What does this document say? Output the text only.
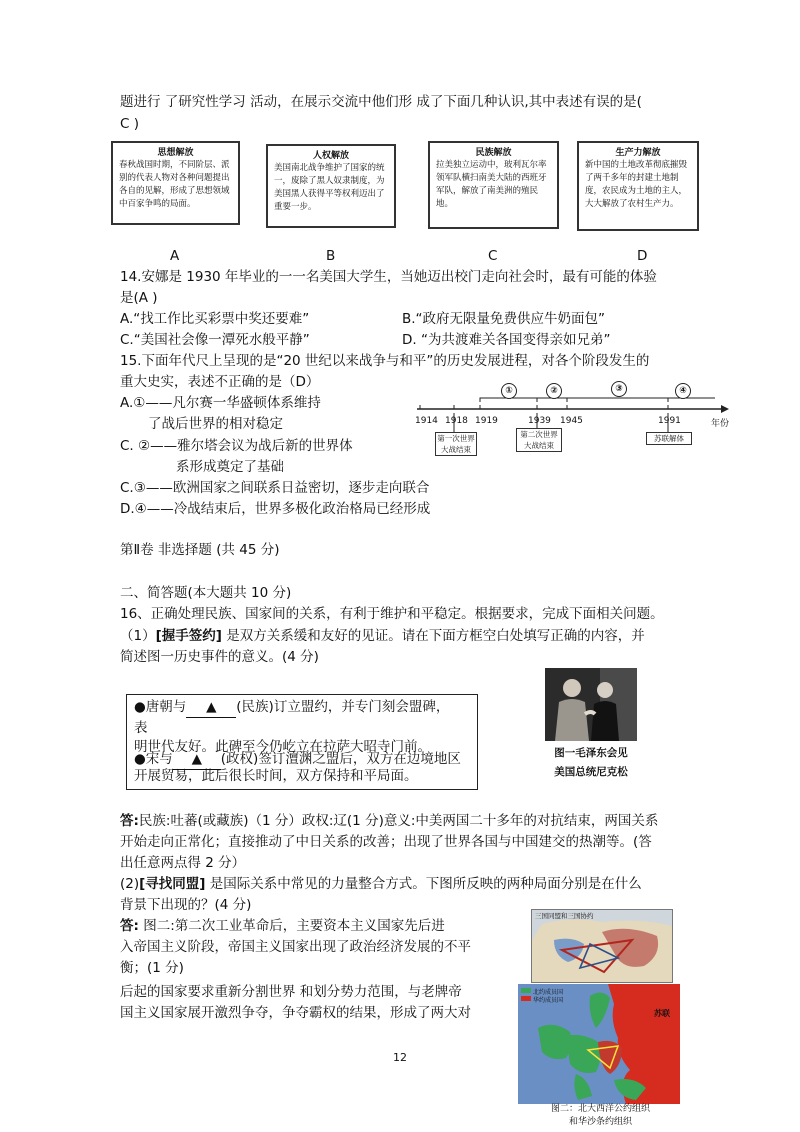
题进行 了研究性学习 活动，在展示交流中他们形 成了下面几种认识,其中表述有误的是(
C )
思想解放
春秋战国时期，不同阶层、派别的代表人物对各种问题提出各自的见解，形成了思想领域中百家争鸣的局面。
人权解放
美国南北战争维护了国家的统一，废除了黑人奴隶制度，为美国黑人获得平等权利迈出了重要一步。
民族解放
拉美独立运动中，玻利瓦尔率领军队横扫南美大陆的西班牙军队，解放了南美洲的殖民地。
生产力解放
新中国的土地改革彻底摧毁了两千多年的封建土地制度，农民成为土地的主人，大大解放了农村生产力。
A	B	C	D
14.安娜是 1930 年毕业的一一名美国大学生，当她迈出校门走向社会时，最有可能的体验
是(A )
A.“找工作比买彩票中奖还要难”	B.“政府无限量免费供应牛奶面包”
C.“美国社会像一潭死水般平静”	D. “为共渡难关各国变得亲如兄弟”
15.下面年代尺上呈现的是“20 世纪以来战争与和平”的历史发展进程，对各个阶段发生的
重大史实，表述不正确的是（D）
A.①——凡尔赛一华盛顿体系维持
了战后世界的相对稳定
C. ②——雅尔塔会议为战后新的世界体
系形成奠定了基础
C.③——欧洲国家之间联系日益密切，逐步走向联合
D.④——冷战结束后，世界多极化政治格局已经形成
①	②	③	④
1914 1918 1919	1939 1945	1991	年份
第一次世界大战结束
第二次世界大战结束
苏联解体
第Ⅱ卷 非选择题 (共 45 分)
二、简答题(本大题共 10 分)
16、正确处理民族、国家间的关系，有利于维护和平稳定。根据要求，完成下面相关问题。
（1）[握手签约] 是双方关系缓和友好的见证。请在下面方框空白处填写正确的内容，并
简述图一历史事件的意义。(4 分)
●唐朝与 ▲ (民族)订立盟约，并专门刻会盟碑，
表
明世代友好。此碑至今仍屹立在拉萨大昭寺门前。
●宋与 ▲ (政权)签订澶渊之盟后，双方在边境地区
开展贸易，此后很长时间，双方保持和平局面。
图一毛泽东会见
美国总统尼克松
答:民族:吐蕃(或藏族)（1 分）政权:辽(1 分)意义:中美两国二十多年的对抗结束，两国关系
开始走向正常化；直接推动了中日关系的改善；出现了世界各国与中国建交的热潮等。(答
出任意两点得 2 分）
(2)[寻找同盟] 是国际关系中常见的力量整合方式。下图所反映的两种局面分别是在什么
背景下出现的？(4 分)
答: 图二:第二次工业革命后，主要资本主义国家先后进
入帝国主义阶段，帝国主义国家出现了政治经济发展的不平
衡；(1 分)
后起的国家要求重新分割世界 和划分势力范围，与老牌帝
国主义国家展开激烈争夺，争夺霸权的结果，形成了两大对
三国同盟和三国协约
北约成员国
华约成员国
苏联
图二：北大西洋公约组织
和华沙条约组织
12
